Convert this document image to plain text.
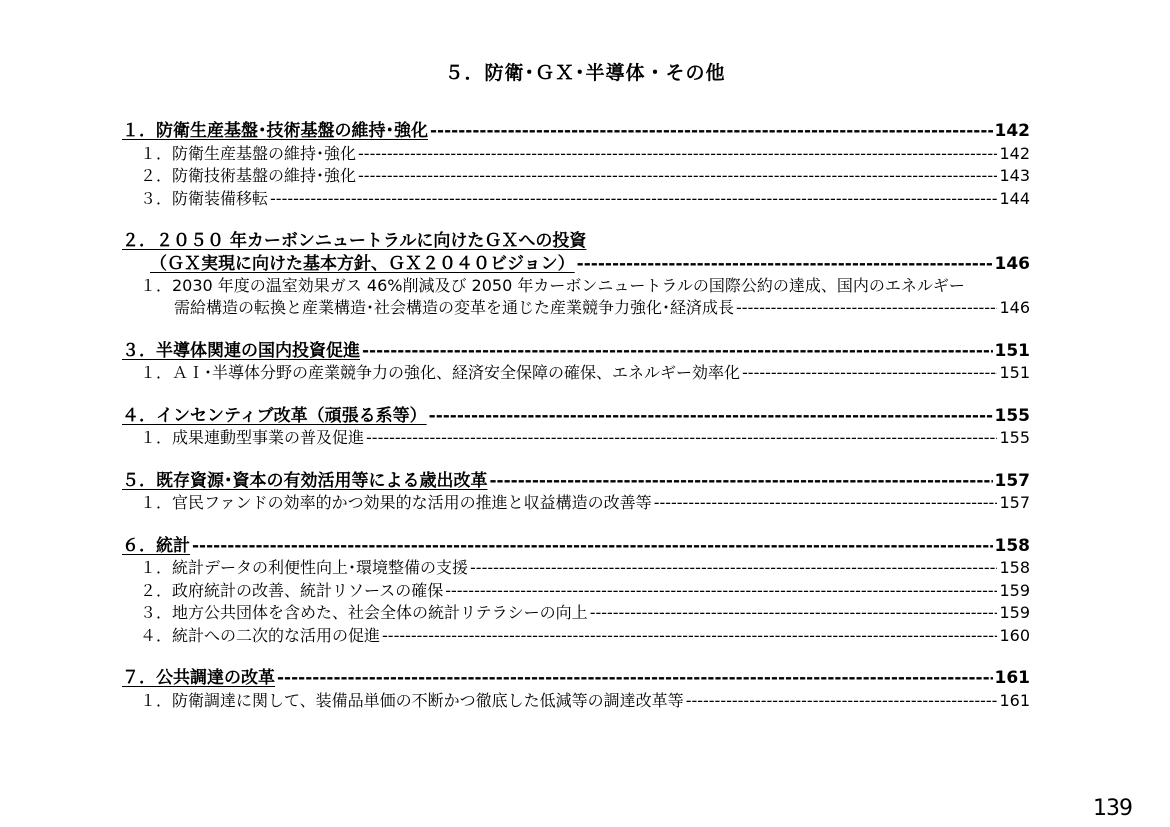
５．防衛･ＧＸ･半導体・その他
１．防衛生産基盤･技術基盤の維持･強化 -----	142
１．防衛生産基盤の維持･強化 -----	142
２．防衛技術基盤の維持･強化 -----	143
３．防衛装備移転 -----	144
２．２０５０ 年カーボンニュートラルに向けたＧＸへの投資
（ＧＸ実現に向けた基本方針、ＧＸ２０４０ビジョン） -----	146
１．2030 年度の温室効果ガス 46%削減及び 2050 年カーボンニュートラルの国際公約の達成、国内のエネルギー
需給構造の転換と産業構造･社会構造の変革を通じた産業競争力強化･経済成長 -----	146
３．半導体関連の国内投資促進 -----	151
１．ＡＩ･半導体分野の産業競争力の強化、経済安全保障の確保、エネルギー効率化 -----	151
４．インセンティブ改革（頑張る系等） -----	155
１．成果連動型事業の普及促進 -----	155
５．既存資源･資本の有効活用等による歳出改革 -----	157
１．官民ファンドの効率的かつ効果的な活用の推進と収益構造の改善等 -----	157
６．統計 -----	158
１．統計データの利便性向上･環境整備の支援 -----	158
２．政府統計の改善、統計リソースの確保 -----	159
３．地方公共団体を含めた、社会全体の統計リテラシーの向上 -----	159
４．統計への二次的な活用の促進 -----	160
７．公共調達の改革 -----	161
１．防衛調達に関して、装備品単価の不断かつ徹底した低減等の調達改革等 -----	161
139
